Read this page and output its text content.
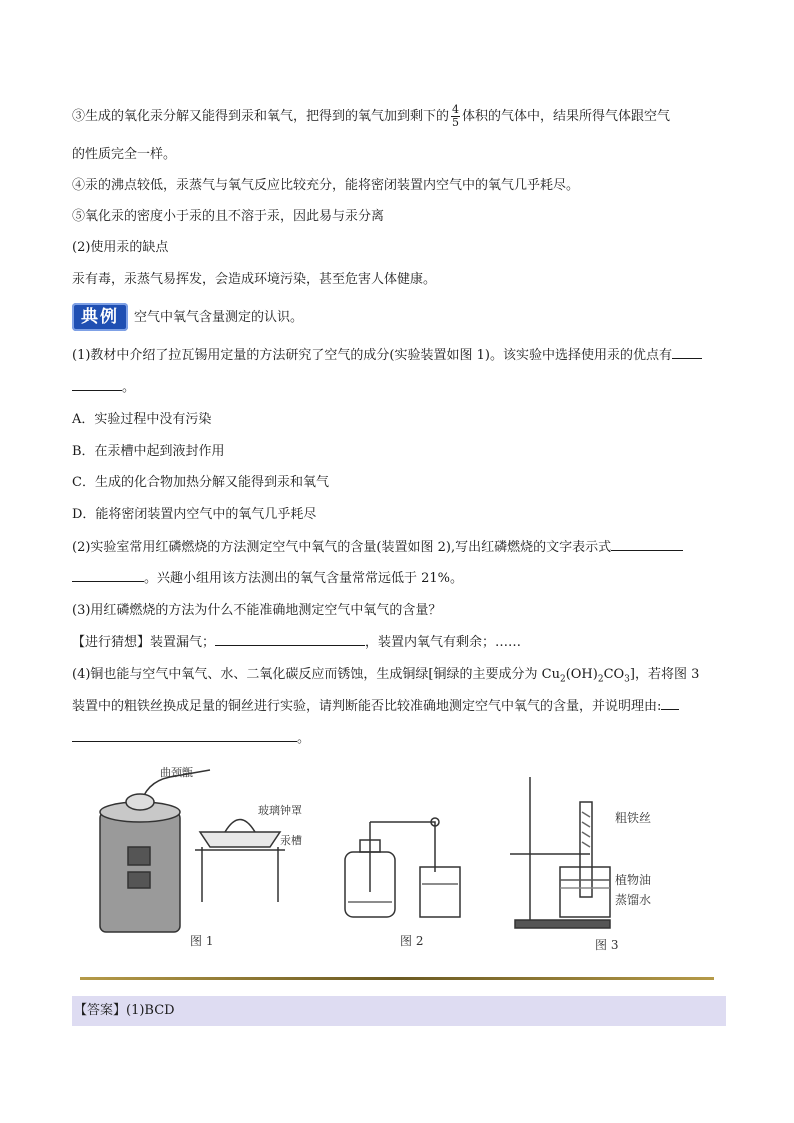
③生成的氧化汞分解又能得到汞和氧气，把得到的氧气加到剩下的 $\frac{4}{5}$ 体积的气体中，结果所得气体跟空气
的性质完全一样。
④汞的沸点较低，汞蒸气与氧气反应比较充分，能将密闭装置内空气中的氧气几乎耗尽。
⑤氧化汞的密度小于汞的且不溶于汞，因此易与汞分离
(2)使用汞的缺点
汞有毒，汞蒸气易挥发，会造成环境污染，甚至危害人体健康。
典例	空气中氧气含量测定的认识。
(1)教材中介绍了拉瓦锡用定量的方法研究了空气的成分(实验装置如图 1)。该实验中选择使用汞的优点有
。
A．实验过程中没有污染
B．在汞槽中起到液封作用
C．生成的化合物加热分解又能得到汞和氧气
D．能将密闭装置内空气中的氧气几乎耗尽
(2)实验室常用红磷燃烧的方法测定空气中氧气的含量(装置如图 2),写出红磷燃烧的文字表示式
。兴趣小组用该方法测出的氧气含量常常远低于 21%。
(3)用红磷燃烧的方法为什么不能准确地测定空气中氧气的含量？
【进行猜想】装置漏气；	，装置内氧气有剩余；……
(4)铜也能与空气中氧气、水、二氧化碳反应而锈蚀，生成铜绿[铜绿的主要成分为 $Cu_2(OH)_2CO_3$]，若将图 3
装置中的粗铁丝换成足量的铜丝进行实验，请判断能否比较准确地测定空气中氧气的含量，并说明理由:
。
曲颈甑
玻璃钟罩
汞槽
粗铁丝
植物油
蒸馏水
图 1	图 2	图 3
【答案】(1)BCD
